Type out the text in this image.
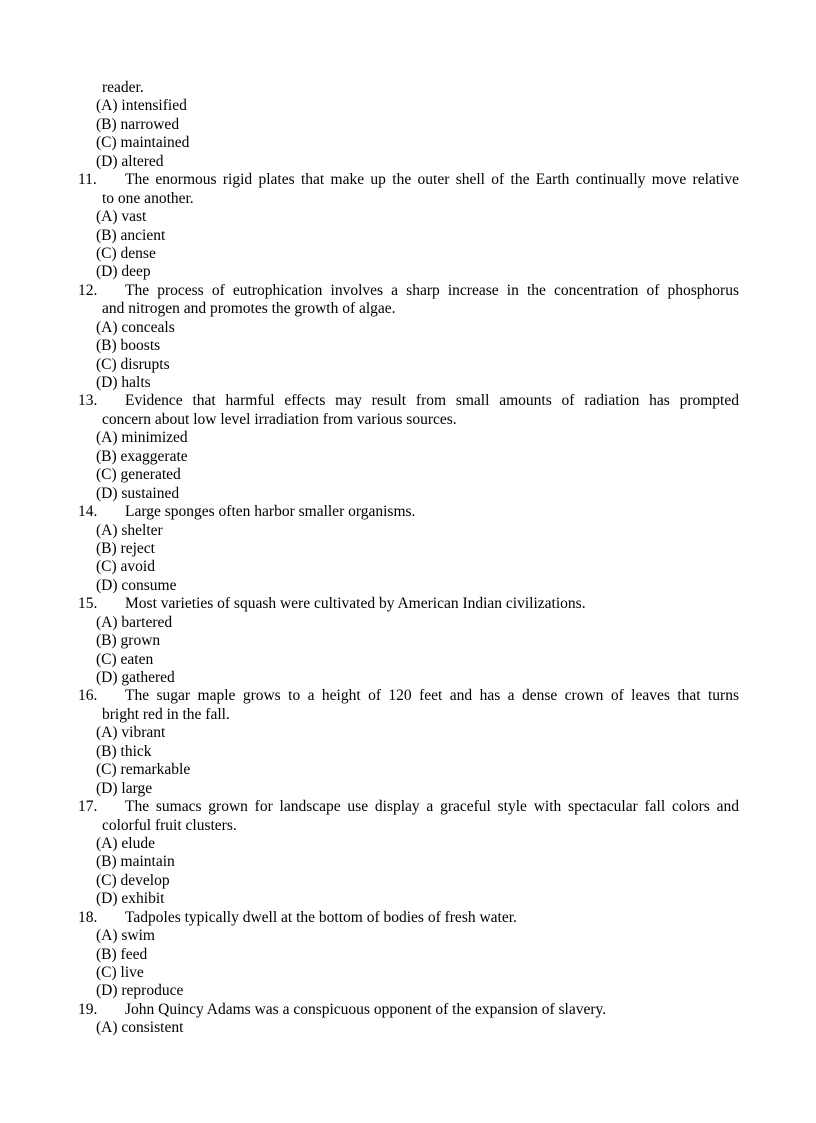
reader.
(A) intensified
(B) narrowed
(C) maintained
(D) altered
11. The enormous rigid plates that make up the outer shell of the Earth continually move relative
to one another.
(A) vast
(B) ancient
(C) dense
(D) deep
12. The process of eutrophication involves a sharp increase in the concentration of phosphorus
and nitrogen and promotes the growth of algae.
(A) conceals
(B) boosts
(C) disrupts
(D) halts
13. Evidence that harmful effects may result from small amounts of radiation has prompted
concern about low level irradiation from various sources.
(A) minimized
(B) exaggerate
(C) generated
(D) sustained
14. Large sponges often harbor smaller organisms.
(A) shelter
(B) reject
(C) avoid
(D) consume
15. Most varieties of squash were cultivated by American Indian civilizations.
(A) bartered
(B) grown
(C) eaten
(D) gathered
16. The sugar maple grows to a height of 120 feet and has a dense crown of leaves that turns
bright red in the fall.
(A) vibrant
(B) thick
(C) remarkable
(D) large
17. The sumacs grown for landscape use display a graceful style with spectacular fall colors and
colorful fruit clusters.
(A) elude
(B) maintain
(C) develop
(D) exhibit
18. Tadpoles typically dwell at the bottom of bodies of fresh water.
(A) swim
(B) feed
(C) live
(D) reproduce
19. John Quincy Adams was a conspicuous opponent of the expansion of slavery.
(A) consistent
